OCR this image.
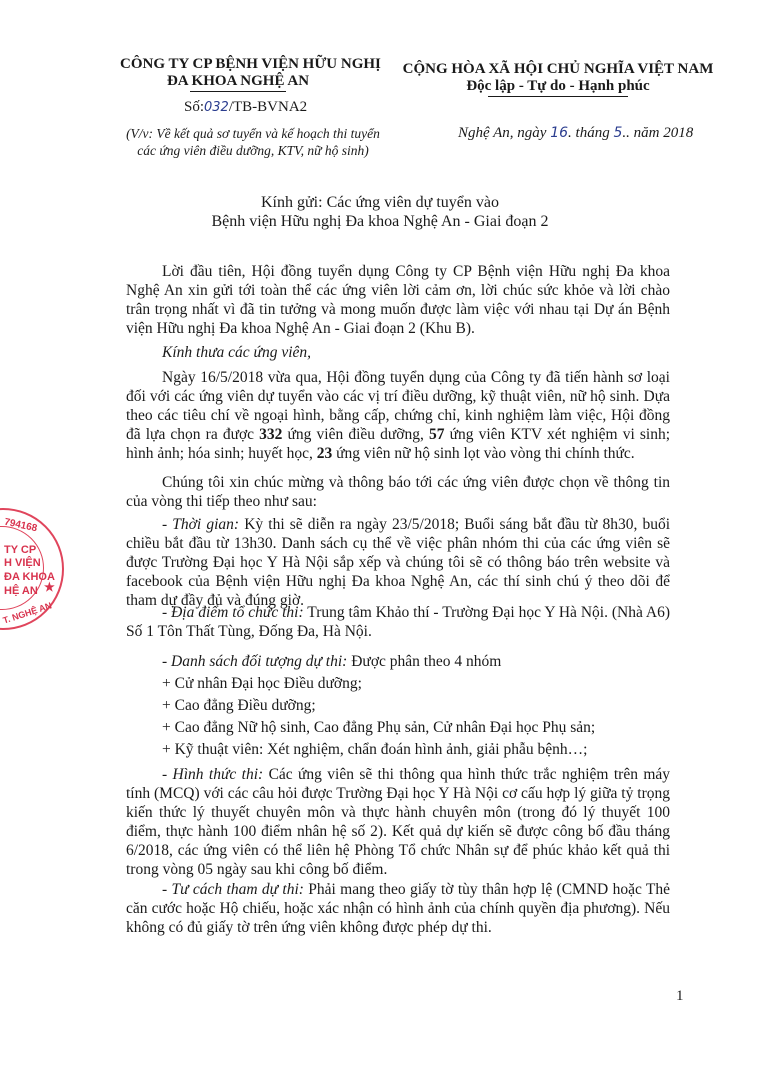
794168
TY CP
H VIỆN
ĐA KHOA
HỆ AN ★
T. NGHỆ AN
CÔNG TY CP BỆNH VIỆN HỮU NGHỊ
ĐA KHOA NGHỆ AN
Số:032/TB-BVNA2
(V/v: Về kết quả sơ tuyển và kế hoạch thi tuyển
các ứng viên điều dưỡng, KTV, nữ hộ sinh)
CỘNG HÒA XÃ HỘI CHỦ NGHĨA VIỆT NAM
Độc lập - Tự do - Hạnh phúc
Nghệ An, ngày 16. tháng 5.. năm 2018
Kính gửi: Các ứng viên dự tuyển vào
Bệnh viện Hữu nghị Đa khoa Nghệ An - Giai đoạn 2
Lời đầu tiên, Hội đồng tuyển dụng Công ty CP Bệnh viện Hữu nghị Đa khoa Nghệ An xin gửi tới toàn thể các ứng viên lời cảm ơn, lời chúc sức khỏe và lời chào trân trọng nhất vì đã tin tưởng và mong muốn được làm việc với nhau tại Dự án Bệnh viện Hữu nghị Đa khoa Nghệ An - Giai đoạn 2 (Khu B).
Kính thưa các ứng viên,
Ngày 16/5/2018 vừa qua, Hội đồng tuyển dụng của Công ty đã tiến hành sơ loại đối với các ứng viên dự tuyển vào các vị trí điều dưỡng, kỹ thuật viên, nữ hộ sinh. Dựa theo các tiêu chí về ngoại hình, bằng cấp, chứng chỉ, kinh nghiệm làm việc, Hội đồng đã lựa chọn ra được 332 ứng viên điều dưỡng, 57 ứng viên KTV xét nghiệm vi sinh; hình ảnh; hóa sinh; huyết học, 23 ứng viên nữ hộ sinh lọt vào vòng thi chính thức.
Chúng tôi xin chúc mừng và thông báo tới các ứng viên được chọn về thông tin của vòng thi tiếp theo như sau:
- Thời gian: Kỳ thi sẽ diễn ra ngày 23/5/2018; Buổi sáng bắt đầu từ 8h30, buổi chiều bắt đầu từ 13h30. Danh sách cụ thể về việc phân nhóm thi của các ứng viên sẽ được Trường Đại học Y Hà Nội sắp xếp và chúng tôi sẽ có thông báo trên website và facebook của Bệnh viện Hữu nghị Đa khoa Nghệ An, các thí sinh chú ý theo dõi để tham dự đầy đủ và đúng giờ.
- Địa điểm tổ chức thi: Trung tâm Khảo thí - Trường Đại học Y Hà Nội. (Nhà A6) Số 1 Tôn Thất Tùng, Đống Đa, Hà Nội.
- Danh sách đối tượng dự thi: Được phân theo 4 nhóm
+ Cử nhân Đại học Điều dưỡng;
+ Cao đẳng Điều dưỡng;
+ Cao đẳng Nữ hộ sinh, Cao đẳng Phụ sản, Cử nhân Đại học Phụ sản;
+ Kỹ thuật viên: Xét nghiệm, chẩn đoán hình ảnh, giải phẫu bệnh…;
- Hình thức thi: Các ứng viên sẽ thi thông qua hình thức trắc nghiệm trên máy tính (MCQ) với các câu hỏi được Trường Đại học Y Hà Nội cơ cấu hợp lý giữa tỷ trọng kiến thức lý thuyết chuyên môn và thực hành chuyên môn (trong đó lý thuyết 100 điểm, thực hành 100 điểm nhân hệ số 2). Kết quả dự kiến sẽ được công bố đầu tháng 6/2018, các ứng viên có thể liên hệ Phòng Tổ chức Nhân sự để phúc khảo kết quả thi trong vòng 05 ngày sau khi công bố điểm.
- Tư cách tham dự thi: Phải mang theo giấy tờ tùy thân hợp lệ (CMND hoặc Thẻ căn cước hoặc Hộ chiếu, hoặc xác nhận có hình ảnh của chính quyền địa phương). Nếu không có đủ giấy tờ trên ứng viên không được phép dự thi.
1
